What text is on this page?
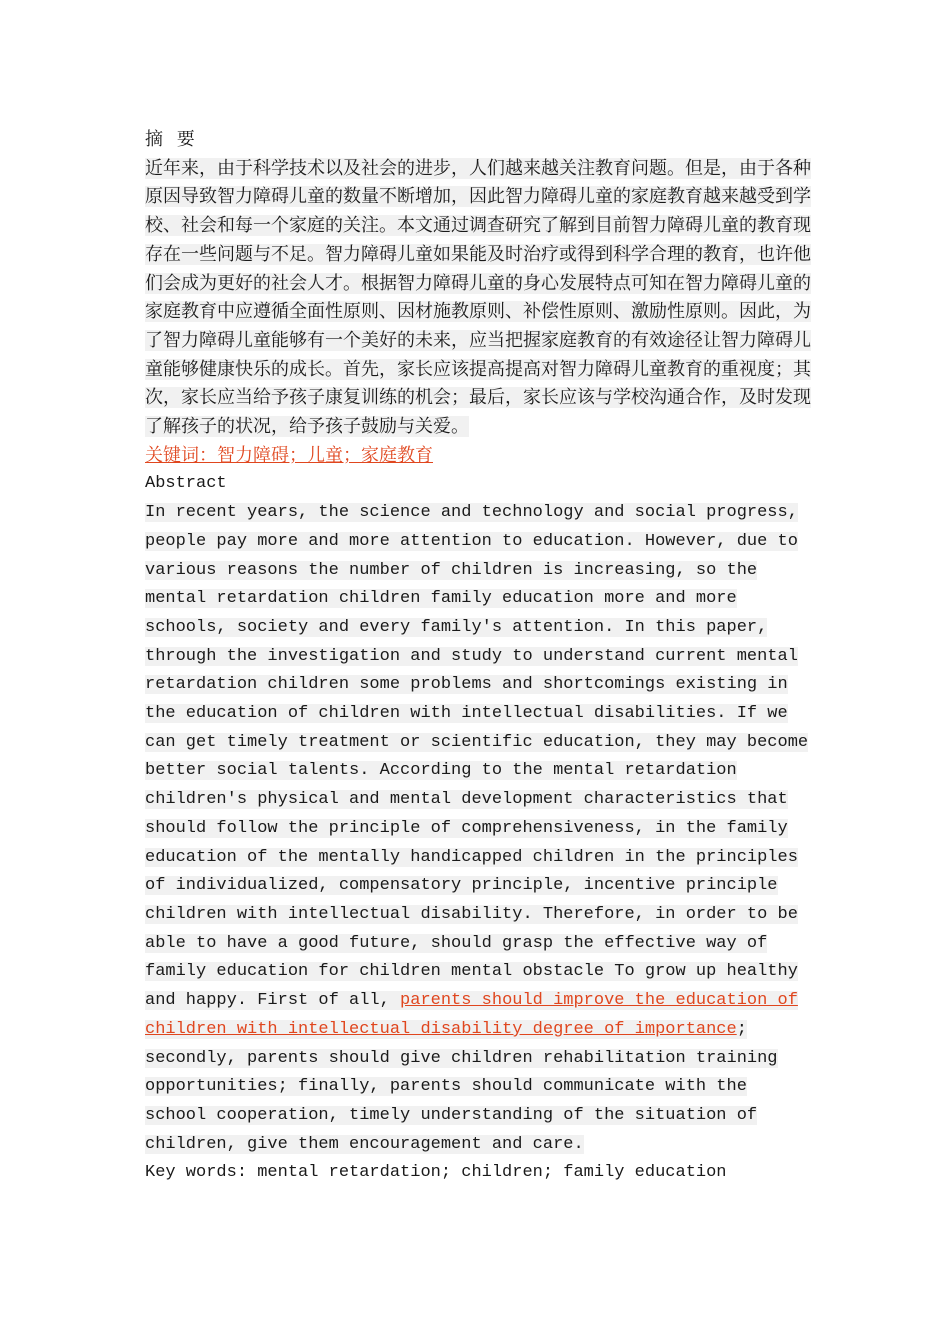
摘 要

近年来，由于科学技术以及社会的进步，人们越来越关注教育问题。但是，由于各种原因导致智力障碍儿童的数量不断增加，因此智力障碍儿童的家庭教育越来越受到学校、社会和每一个家庭的关注。本文通过调查研究了解到目前智力障碍儿童的教育现存在一些问题与不足。智力障碍儿童如果能及时治疗或得到科学合理的教育，也许他们会成为更好的社会人才。根据智力障碍儿童的身心发展特点可知在智力障碍儿童的家庭教育中应遵循全面性原则、因材施教原则、补偿性原则、激励性原则。因此，为了智力障碍儿童能够有一个美好的未来，应当把握家庭教育的有效途径让智力障碍儿童能够健康快乐的成长。首先，家长应该提高提高对智力障碍儿童教育的重视度；其次，家长应当给予孩子康复训练的机会；最后，家长应该与学校沟通合作，及时发现了解孩子的状况，给予孩子鼓励与关爱。

关键词：智力障碍；儿童；家庭教育

Abstract

In recent years, the science and technology and social progress, people pay more and more attention to education. However, due to various reasons the number of children is increasing, so the mental retardation children family education more and more schools, society and every family's attention. In this paper, through the investigation and study to understand current mental retardation children some problems and shortcomings existing in the education of children with intellectual disabilities. If we can get timely treatment or scientific education, they may become better social talents. According to the mental retardation children's physical and mental development characteristics that should follow the principle of comprehensiveness, in the family education of the mentally handicapped children in the principles of individualized, compensatory principle, incentive principle children with intellectual disability. Therefore, in order to be able to have a good future, should grasp the effective way of family education for children mental obstacle To grow up healthy and happy. First of all, parents should improve the education of children with intellectual disability degree of importance; secondly, parents should give children rehabilitation training opportunities; finally, parents should communicate with the school cooperation, timely understanding of the situation of children, give them encouragement and care.

Key words: mental retardation; children; family education
